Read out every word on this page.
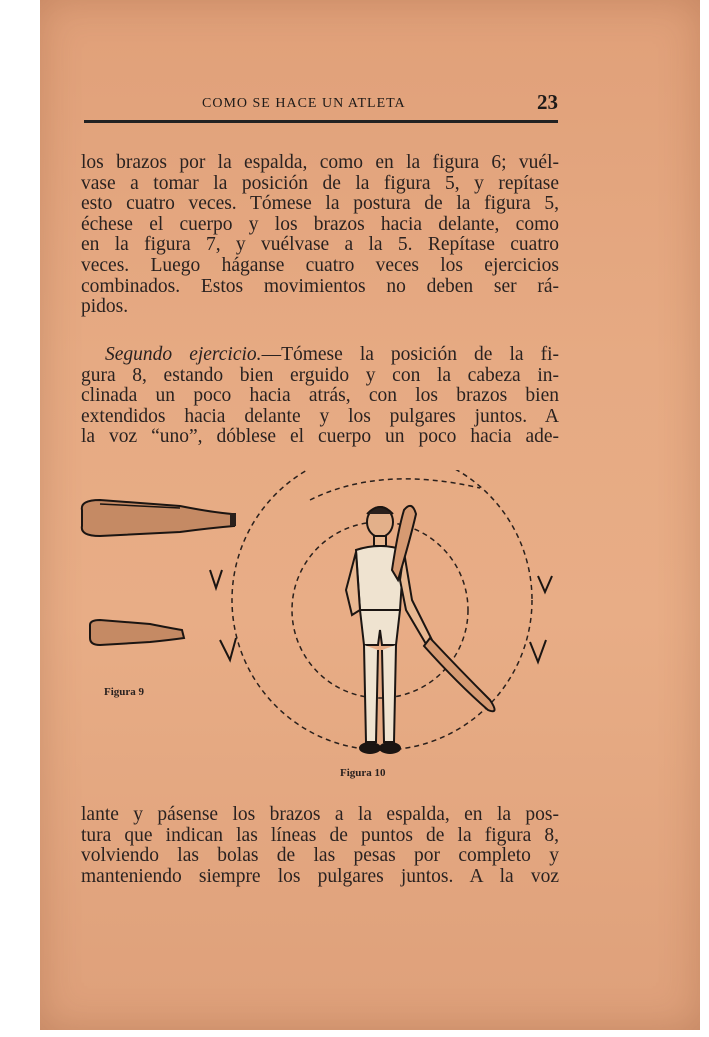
COMO SE HACE UN ATLETA	23

los brazos por la espalda, como en la figura 6; vuél-
vase a tomar la posición de la figura 5, y repítase
esto cuatro veces. Tómese la postura de la figura 5,
échese el cuerpo y los brazos hacia delante, como
en la figura 7, y vuélvase a la 5. Repítase cuatro
veces. Luego háganse cuatro veces los ejercicios
combinados. Estos movimientos no deben ser rá-
pidos.

Segundo ejercicio.—Tómese la posición de la fi-
gura 8, estando bien erguido y con la cabeza in-
clinada un poco hacia atrás, con los brazos bien
extendidos hacia delante y los pulgares juntos. A
la voz “uno”, dóblese el cuerpo un poco hacia ade-

Figura 9
Figura 10

lante y pásense los brazos a la espalda, en la pos-
tura que indican las líneas de puntos de la figura 8,
volviendo las bolas de las pesas por completo y
manteniendo siempre los pulgares juntos. A la voz
